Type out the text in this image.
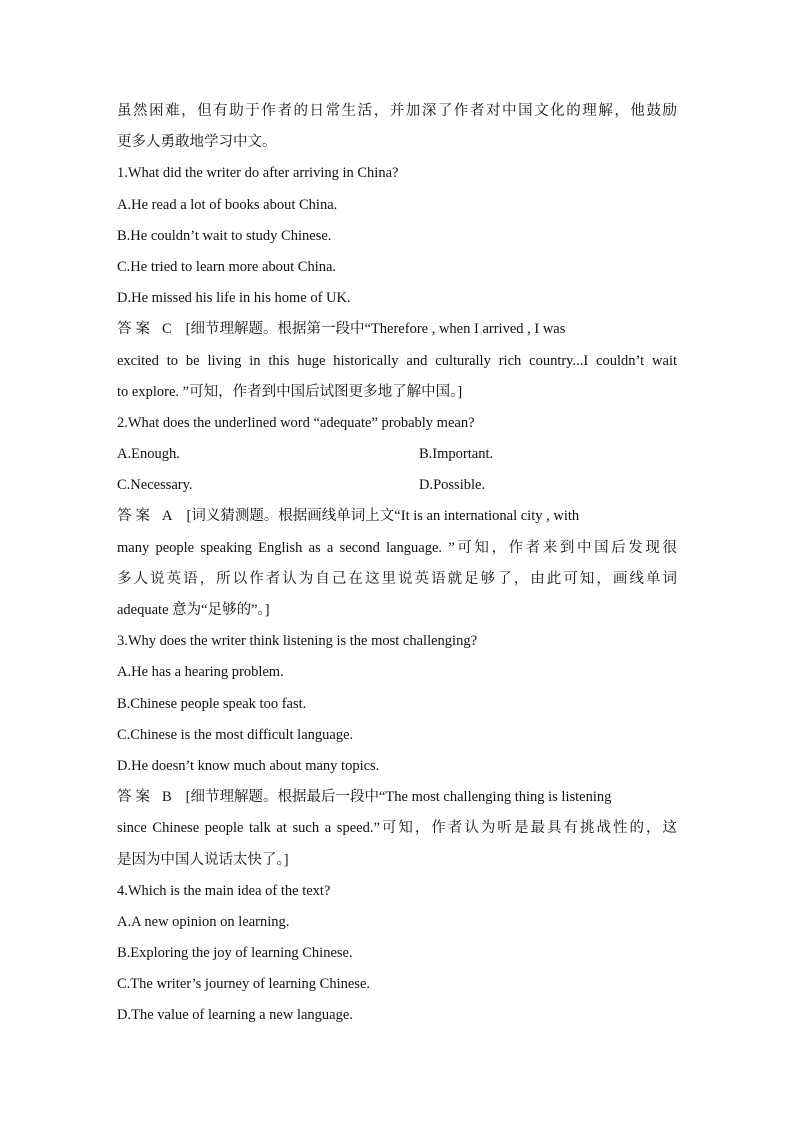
虽然困难，但有助于作者的日常生活，并加深了作者对中国文化的理解，他鼓励
更多人勇敢地学习中文。
1.What did the writer do after arriving in China?
A.He read a lot of books about China.
B.He couldn’t wait to study Chinese.
C.He tried to learn more about China.
D.He missed his life in his home of UK.
答案 C [细节理解题。根据第一段中“Therefore , when I arrived , I was
excited to be living in this huge historically and culturally rich country...I couldn’t wait
to explore. ”可知，作者到中国后试图更多地了解中国。]
2.What does the underlined word “adequate” probably mean?
A.Enough.	B.Important.
C.Necessary.	D.Possible.
答案 A [词义猜测题。根据画线单词上文“It is an international city , with
many people speaking English as a second language. ”可知，作者来到中国后发现很
多人说英语，所以作者认为自己在这里说英语就足够了，由此可知，画线单词
adequate 意为“足够的”。]
3.Why does the writer think listening is the most challenging?
A.He has a hearing problem.
B.Chinese people speak too fast.
C.Chinese is the most difficult language.
D.He doesn’t know much about many topics.
答案 B [细节理解题。根据最后一段中“The most challenging thing is listening
since Chinese people talk at such a speed.”可知，作者认为听是最具有挑战性的，这
是因为中国人说话太快了。]
4.Which is the main idea of the text?
A.A new opinion on learning.
B.Exploring the joy of learning Chinese.
C.The writer’s journey of learning Chinese.
D.The value of learning a new language.
